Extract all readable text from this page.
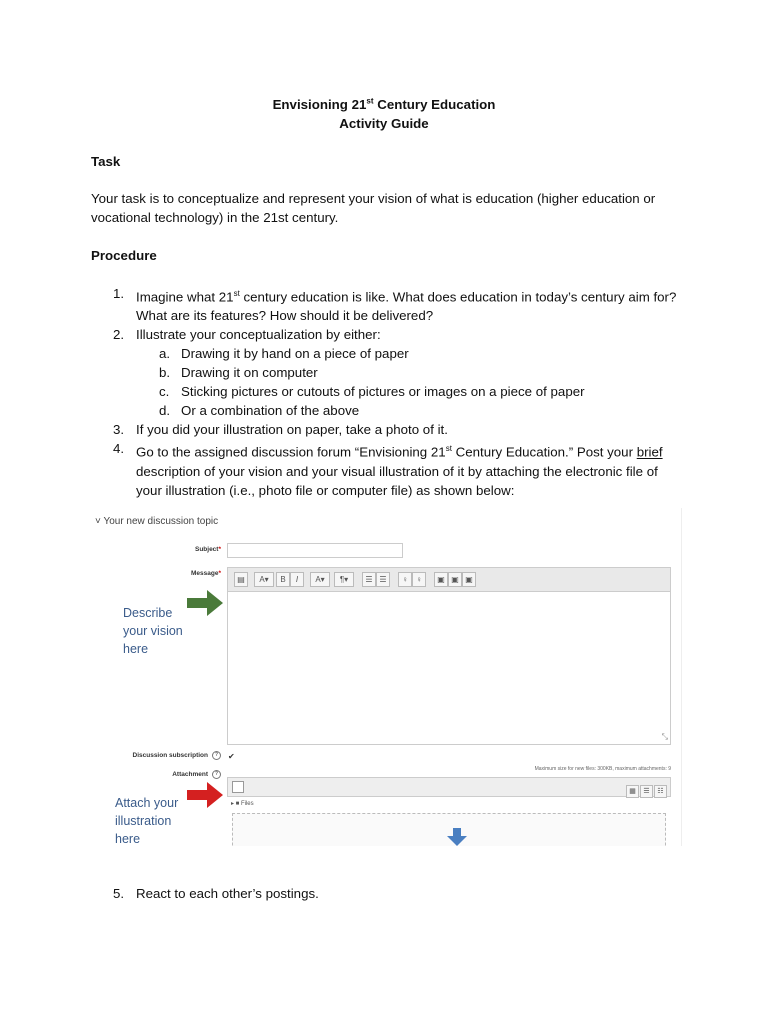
Envisioning 21st Century Education
Activity Guide
Task
Your task is to conceptualize and represent your vision of what is education (higher education or vocational technology) in the 21st century.
Procedure
1. Imagine what 21st century education is like. What does education in today’s century aim for? What are its features? How should it be delivered?
2. Illustrate your conceptualization by either:
a. Drawing it by hand on a piece of paper
b. Drawing it on computer
c. Sticking pictures or cutouts of pictures or images on a piece of paper
d. Or a combination of the above
3. If you did your illustration on paper, take a photo of it.
4. Go to the assigned discussion forum “Envisioning 21st Century Education.” Post your brief description of your vision and your visual illustration of it by attaching the electronic file of your illustration (i.e., photo file or computer file) as shown below:
˅ Your new discussion topic
Subject*
Message*
▤	A▾	B	I	A▾	¶▾	☰ ☰	♀	♀	▣ ▣ ▣
⤡
Describe
your vision
here
Discussion subscription ?	✔
Maximum size for new files: 300KB, maximum attachments: 9
Attachment ?
▦ ☰ ☷
Attach your
illustration
here
▸ ■ Files
5. React to each other’s postings.
